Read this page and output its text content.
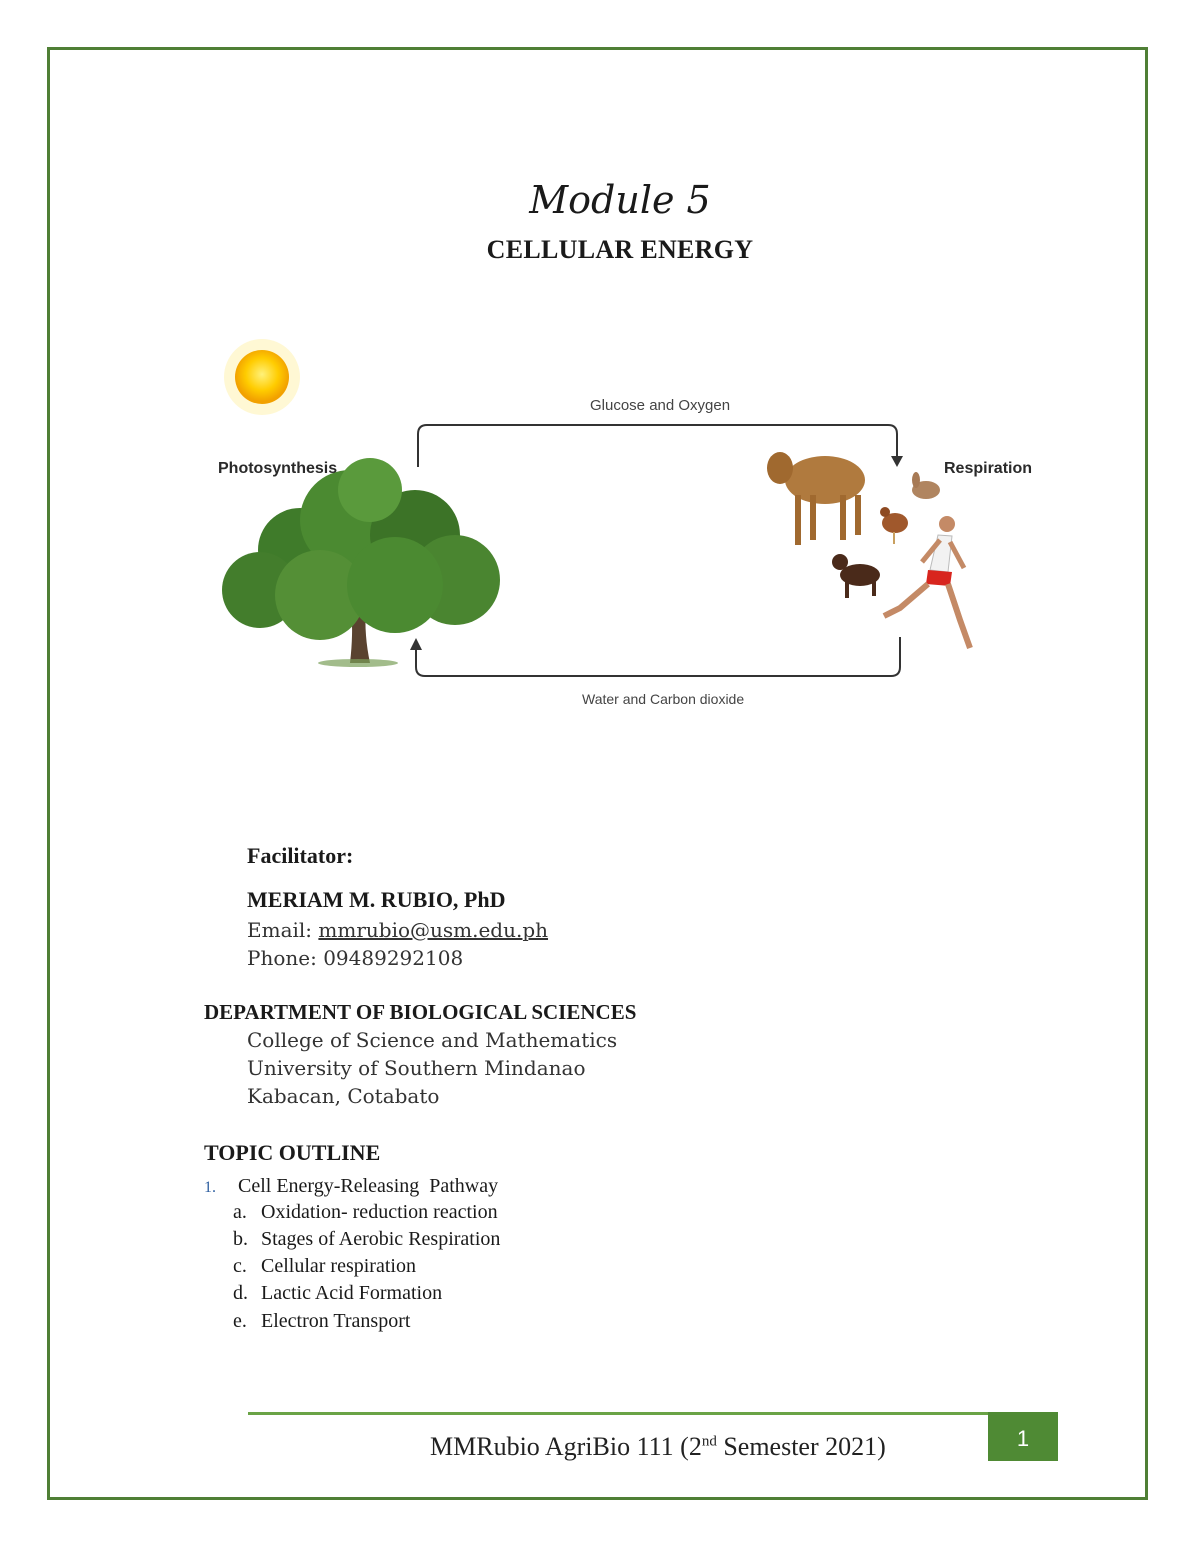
Module 5
CELLULAR ENERGY
Glucose and Oxygen
Water and Carbon dioxide
Photosynthesis	Respiration
Facilitator:
MERIAM M. RUBIO, PhD
Email: mmrubio@usm.edu.ph
Phone: 09489292108
DEPARTMENT OF BIOLOGICAL SCIENCES
College of Science and Mathematics
University of Southern Mindanao
Kabacan, Cotabato
TOPIC OUTLINE
1. Cell Energy-Releasing  Pathway
a. Oxidation- reduction reaction
b. Stages of Aerobic Respiration
c. Cellular respiration
d. Lactic Acid Formation
e. Electron Transport
MMRubio AgriBio 111 (2nd Semester 2021)	1
